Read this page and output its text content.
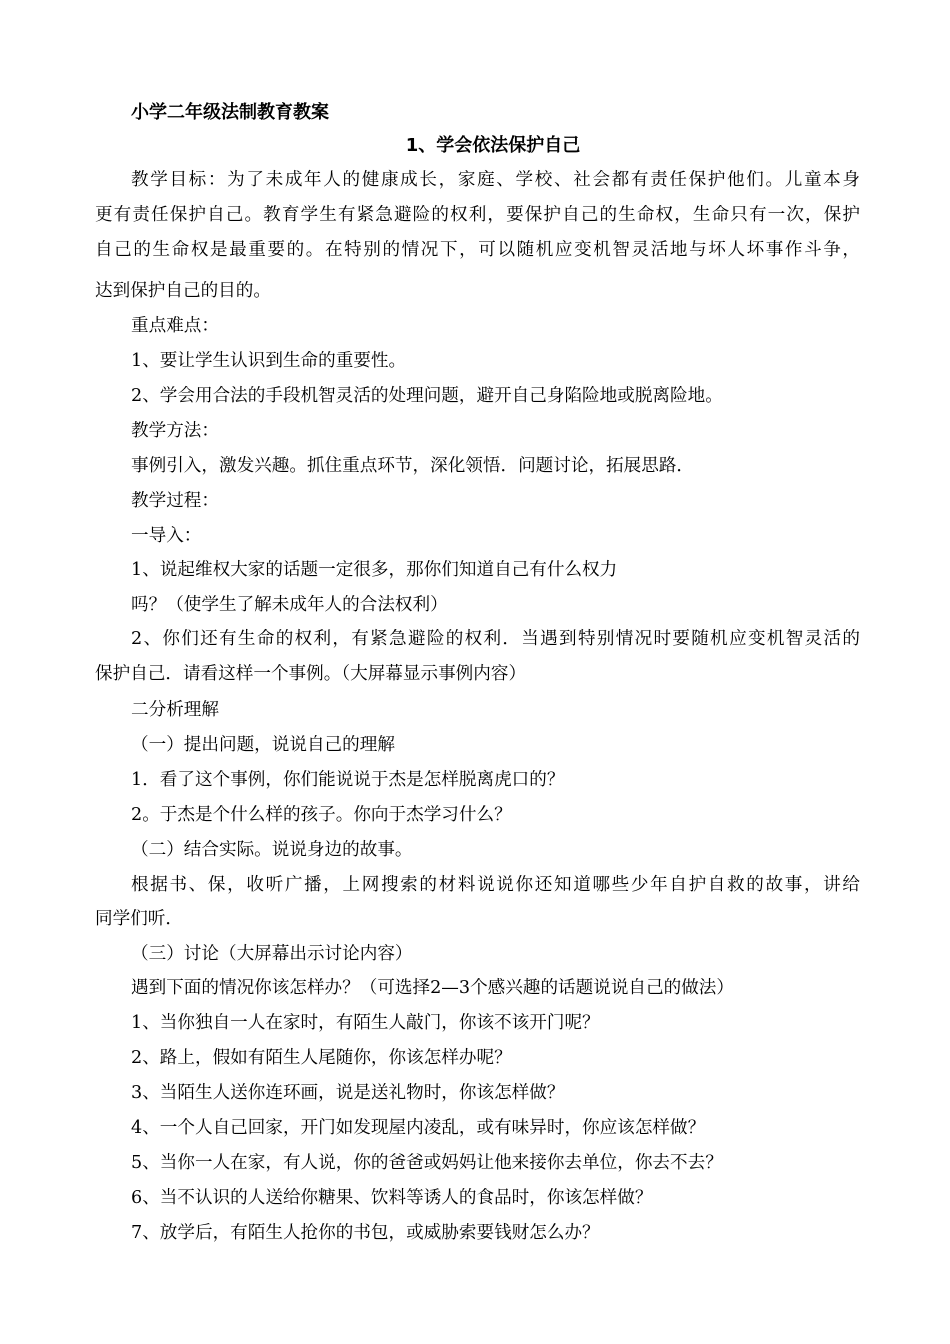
小学二年级法制教育教案
1、学会依法保护自己
教学目标：为了未成年人的健康成长，家庭、学校、社会都有责任保护他们。儿童本身
更有责任保护自己。教育学生有紧急避险的权利，要保护自己的生命权，生命只有一次，保护
自己的生命权是最重要的。在特别的情况下，可以随机应变机智灵活地与坏人坏事作斗争，
达到保护自己的目的。
重点难点：
1、要让学生认识到生命的重要性。
2、学会用合法的手段机智灵活的处理问题，避开自己身陷险地或脱离险地。
教学方法：
事例引入，激发兴趣。抓住重点环节，深化领悟．问题讨论，拓展思路．
教学过程：
一导入：
1、说起维权大家的话题一定很多，那你们知道自己有什么权力
吗？（使学生了解未成年人的合法权利）
2、你们还有生命的权利，有紧急避险的权利．当遇到特别情况时要随机应变机智灵活的
保护自己．请看这样一个事例。（大屏幕显示事例内容）
二分析理解
（一）提出问题，说说自己的理解
1．看了这个事例，你们能说说于杰是怎样脱离虎口的？
2。于杰是个什么样的孩子。你向于杰学习什么？
（二）结合实际。说说身边的故事。
根据书、保，收听广播，上网搜索的材料说说你还知道哪些少年自护自救的故事，讲给
同学们听．
（三）讨论（大屏幕出示讨论内容）
遇到下面的情况你该怎样办？（可选择2—3个感兴趣的话题说说自己的做法）
1、当你独自一人在家时，有陌生人敲门，你该不该开门呢？
2、路上，假如有陌生人尾随你，你该怎样办呢？
3、当陌生人送你连环画，说是送礼物时，你该怎样做？
4、一个人自己回家，开门如发现屋内凌乱，或有味异时，你应该怎样做？
5、当你一人在家，有人说，你的爸爸或妈妈让他来接你去单位，你去不去？
6、当不认识的人送给你糖果、饮料等诱人的食品时，你该怎样做？
7、放学后，有陌生人抢你的书包，或威胁索要钱财怎么办？
